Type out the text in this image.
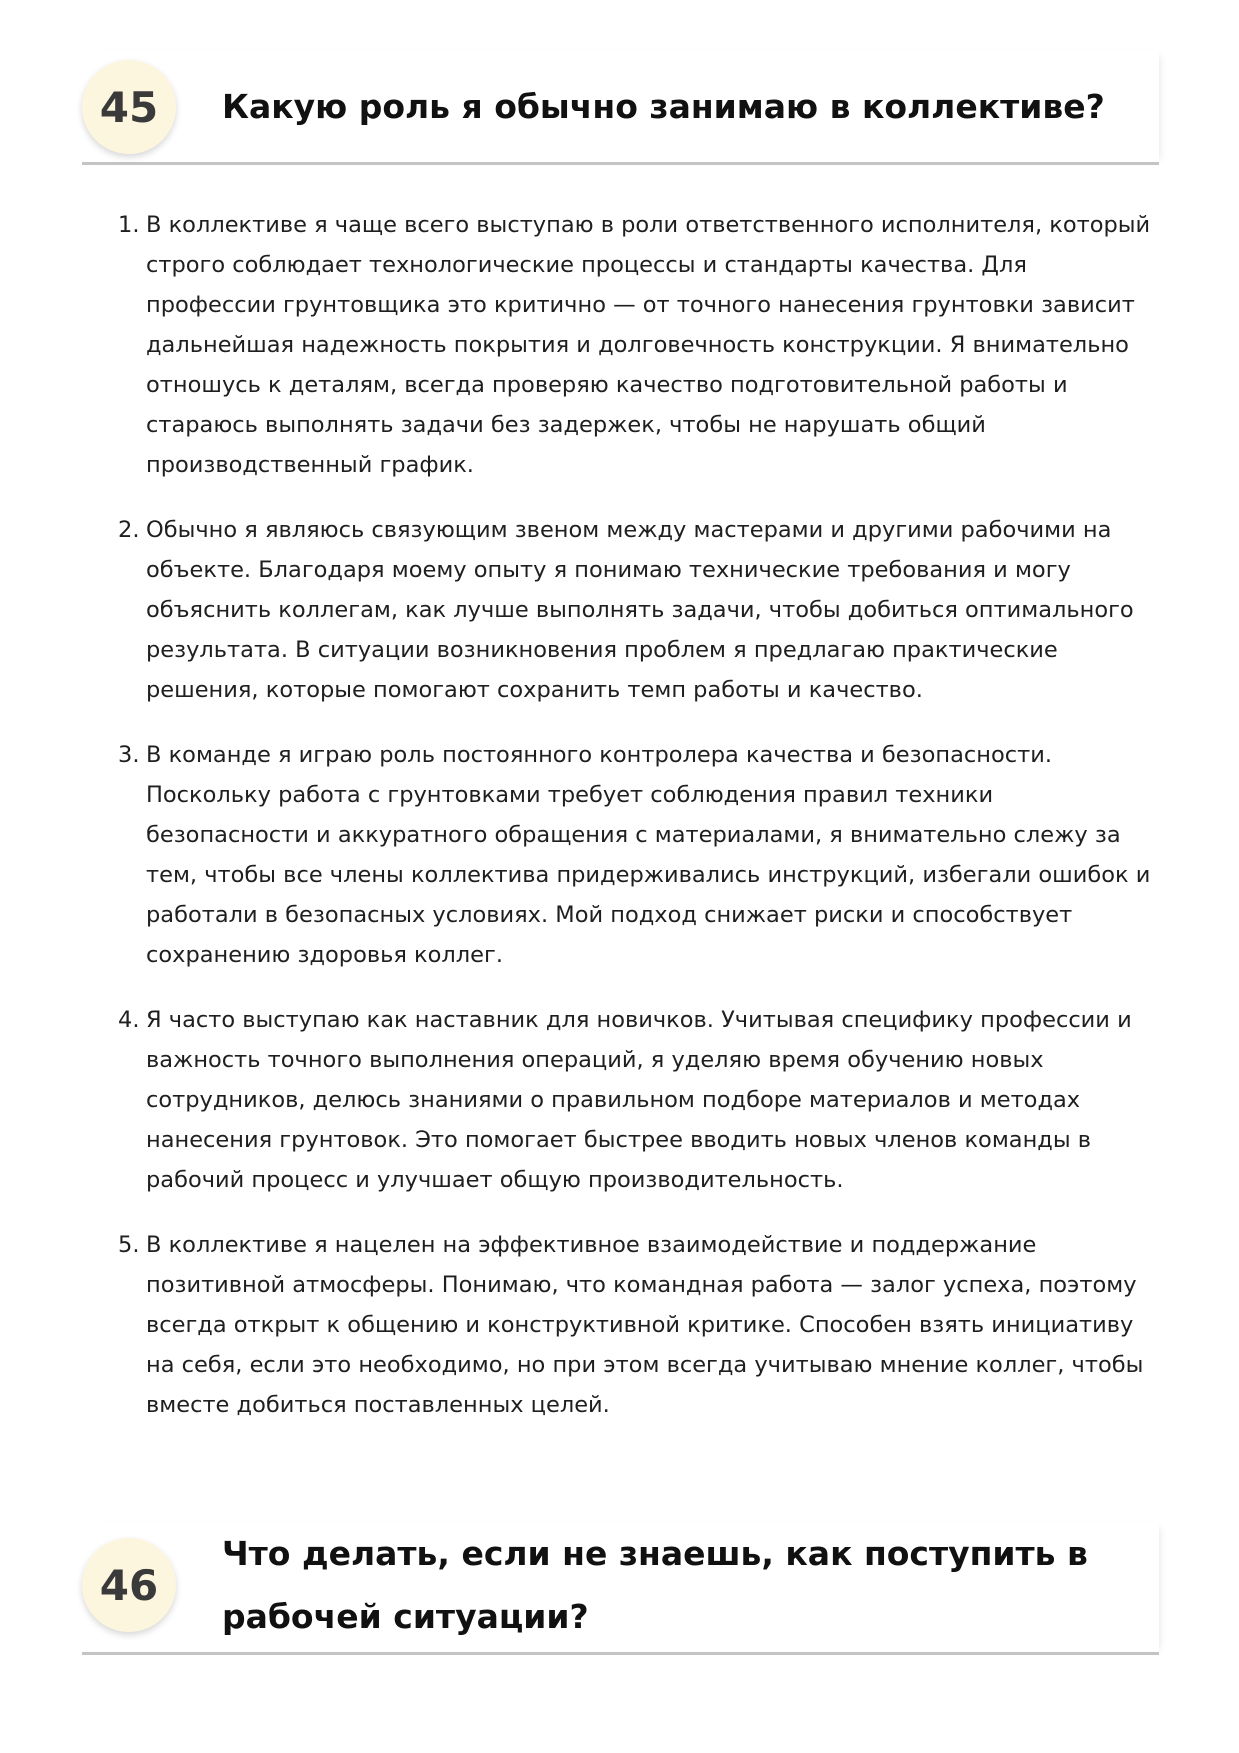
45	Какую роль я обычно занимаю в коллективе?
1. В коллективе я чаще всего выступаю в роли ответственного исполнителя, который строго соблюдает технологические процессы и стандарты качества. Для профессии грунтовщика это критично — от точного нанесения грунтовки зависит дальнейшая надежность покрытия и долговечность конструкции. Я внимательно отношусь к деталям, всегда проверяю качество подготовительной работы и стараюсь выполнять задачи без задержек, чтобы не нарушать общий производственный график.
2. Обычно я являюсь связующим звеном между мастерами и другими рабочими на объекте. Благодаря моему опыту я понимаю технические требования и могу объяснить коллегам, как лучше выполнять задачи, чтобы добиться оптимального результата. В ситуации возникновения проблем я предлагаю практические решения, которые помогают сохранить темп работы и качество.
3. В команде я играю роль постоянного контролера качества и безопасности. Поскольку работа с грунтовками требует соблюдения правил техники безопасности и аккуратного обращения с материалами, я внимательно слежу за тем, чтобы все члены коллектива придерживались инструкций, избегали ошибок и работали в безопасных условиях. Мой подход снижает риски и способствует сохранению здоровья коллег.
4. Я часто выступаю как наставник для новичков. Учитывая специфику профессии и важность точного выполнения операций, я уделяю время обучению новых сотрудников, делюсь знаниями о правильном подборе материалов и методах нанесения грунтовок. Это помогает быстрее вводить новых членов команды в рабочий процесс и улучшает общую производительность.
5. В коллективе я нацелен на эффективное взаимодействие и поддержание позитивной атмосферы. Понимаю, что командная работа — залог успеха, поэтому всегда открыт к общению и конструктивной критике. Способен взять инициативу на себя, если это необходимо, но при этом всегда учитываю мнение коллег, чтобы вместе добиться поставленных целей.
46
Что делать, если не знаешь, как поступить в рабочей ситуации?
